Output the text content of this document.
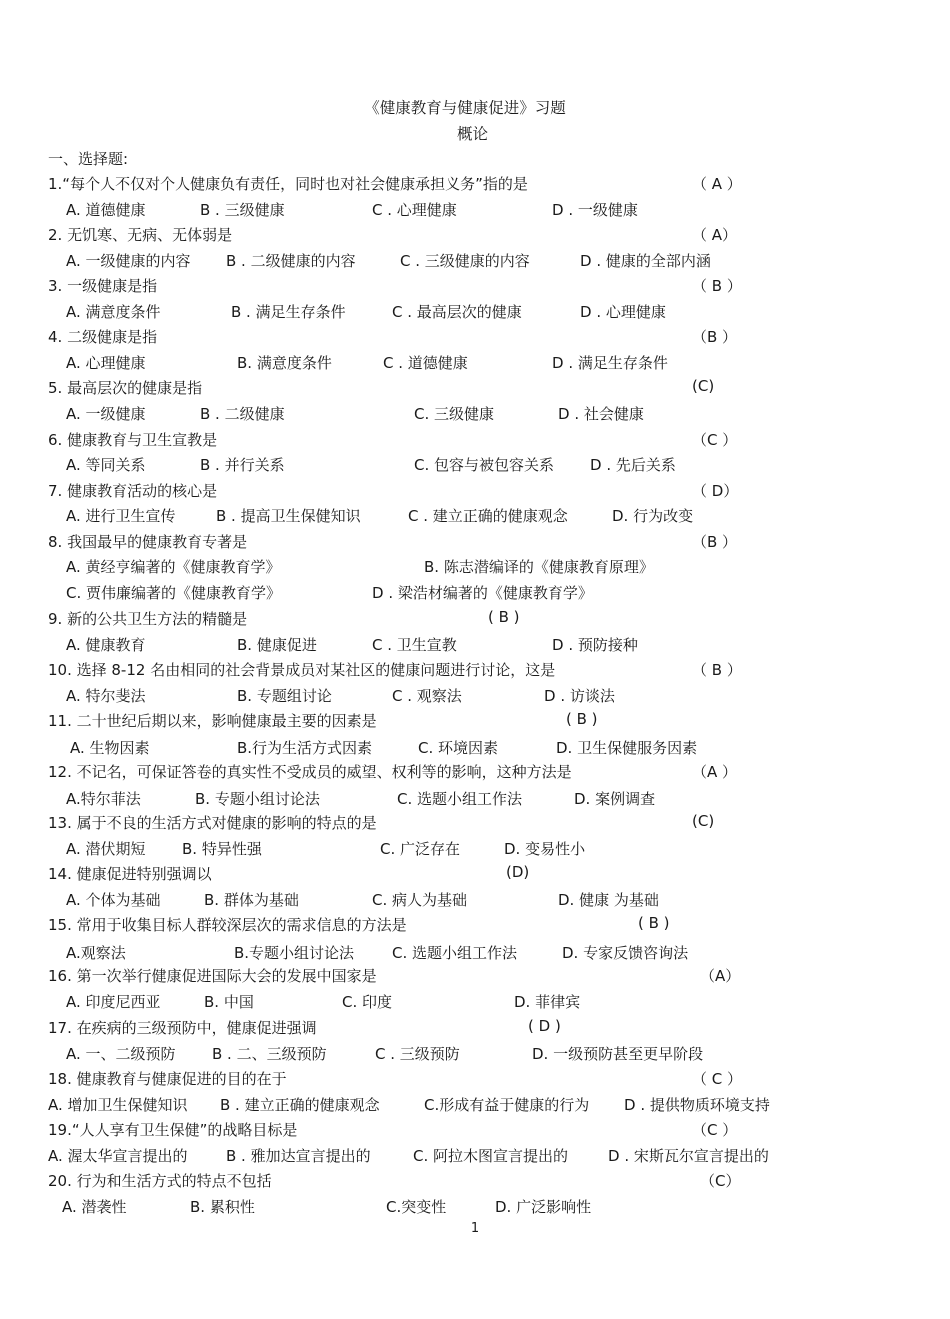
《健康教育与健康促进》习题
概论
一、选择题:
1.“每个人不仅对个人健康负有责任，同时也对社会健康承担义务”指的是	（ A ）
A. 道德健康	B . 三级健康	C . 心理健康	D . 一级健康
2. 无饥寒、无病、无体弱是	（ A）
A. 一级健康的内容 B . 二级健康的内容	C . 三级健康的内容	D . 健康的全部内涵
3. 一级健康是指	（ B ）
A. 满意度条件	B . 满足生存条件	C . 最高层次的健康	D . 心理健康
4. 二级健康是指	（B ）
A. 心理健康	B. 满意度条件	C . 道德健康	D . 满足生存条件
5. 最高层次的健康是指	(C)
A. 一级健康	B . 二级健康	C. 三级健康	D . 社会健康
6. 健康教育与卫生宣教是	（C ）
A. 等同关系	B . 并行关系	C. 包容与被包容关系 D . 先后关系
7. 健康教育活动的核心是	（ D）
A. 进行卫生宣传	B . 提高卫生保健知识	C . 建立正确的健康观念	D. 行为改变
8. 我国最早的健康教育专著是	（B ）
A. 黄经亨编著的《健康教育学》	B. 陈志潜编译的《健康教育原理》
C. 贾伟廉编著的《健康教育学》	D . 梁浩材编著的《健康教育学》
9. 新的公共卫生方法的精髓是	( B )
A. 健康教育	B. 健康促进	C . 卫生宣教	D . 预防接种
10. 选择 8-12 名由相同的社会背景成员对某社区的健康问题进行讨论，这是	（ B ）
A. 特尔斐法	B. 专题组讨论	C . 观察法	D . 访谈法
11. 二十世纪后期以来，影响健康最主要的因素是	( B )
A. 生物因素	B.行为生活方式因素	C. 环境因素	D. 卫生保健服务因素
12. 不记名，可保证答卷的真实性不受成员的威望、权利等的影响，这种方法是	（A ）
A.特尔菲法	B. 专题小组讨论法	C. 选题小组工作法	D. 案例调查
13. 属于不良的生活方式对健康的影响的特点的是	(C)
A. 潜伏期短 B. 特异性强	C. 广泛存在	D. 变易性小
14. 健康促进特别强调以	(D)
A. 个体为基础	B. 群体为基础	C. 病人为基础	D. 健康 为基础
15. 常用于收集目标人群较深层次的需求信息的方法是	( B )
A.观察法	B.专题小组讨论法	C. 选题小组工作法	D. 专家反馈咨询法
16. 第一次举行健康促进国际大会的发展中国家是	（A）
A. 印度尼西亚	B. 中国	C. 印度	D. 菲律宾
17. 在疾病的三级预防中，健康促进强调	( D )
A. 一、二级预防 B . 二、三级预防	C . 三级预防	D. 一级预防甚至更早阶段
18. 健康教育与健康促进的目的在于	（ C ）
A. 增加卫生保健知识 B . 建立正确的健康观念	C.形成有益于健康的行为 D . 提供物质环境支持
19.“人人享有卫生保健”的战略目标是	（C ）
A. 渥太华宣言提出的	B . 雅加达宣言提出的	C. 阿拉木图宣言提出的	D . 宋斯瓦尔宣言提出的
20. 行为和生活方式的特点不包括	（C）
A. 潜袭性	B. 累积性	C.突变性	D. 广泛影响性
1
